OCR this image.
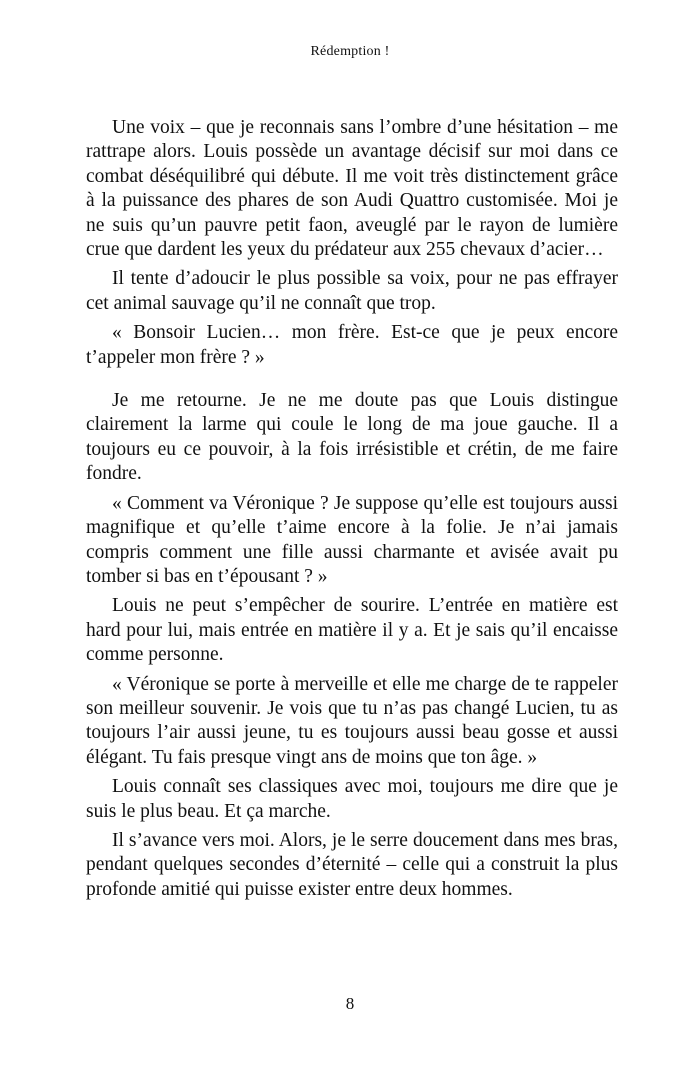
Rédemption !

Une voix – que je reconnais sans l’ombre d’une hésitation – me rattrape alors. Louis possède un avantage décisif sur moi dans ce combat déséquilibré qui débute. Il me voit très distinctement grâce à la puissance des phares de son Audi Quattro customisée. Moi je ne suis qu’un pauvre petit faon, aveuglé par le rayon de lumière crue que dardent les yeux du prédateur aux 255 chevaux d’acier…

Il tente d’adoucir le plus possible sa voix, pour ne pas effrayer cet animal sauvage qu’il ne connaît que trop.

« Bonsoir Lucien… mon frère. Est-ce que je peux encore t’appeler mon frère ? »

Je me retourne. Je ne me doute pas que Louis distingue clairement la larme qui coule le long de ma joue gauche. Il a toujours eu ce pouvoir, à la fois irrésistible et crétin, de me faire fondre.

« Comment va Véronique ? Je suppose qu’elle est toujours aussi magnifique et qu’elle t’aime encore à la folie. Je n’ai jamais compris comment une fille aussi charmante et avisée avait pu tomber si bas en t’épousant ? »

Louis ne peut s’empêcher de sourire. L’entrée en matière est hard pour lui, mais entrée en matière il y a. Et je sais qu’il encaisse comme personne.

« Véronique se porte à merveille et elle me charge de te rappeler son meilleur souvenir. Je vois que tu n’as pas changé Lucien, tu as toujours l’air aussi jeune, tu es toujours aussi beau gosse et aussi élégant. Tu fais presque vingt ans de moins que ton âge. »

Louis connaît ses classiques avec moi, toujours me dire que je suis le plus beau. Et ça marche.

Il s’avance vers moi. Alors, je le serre doucement dans mes bras, pendant quelques secondes d’éternité – celle qui a construit la plus profonde amitié qui puisse exister entre deux hommes.

8
